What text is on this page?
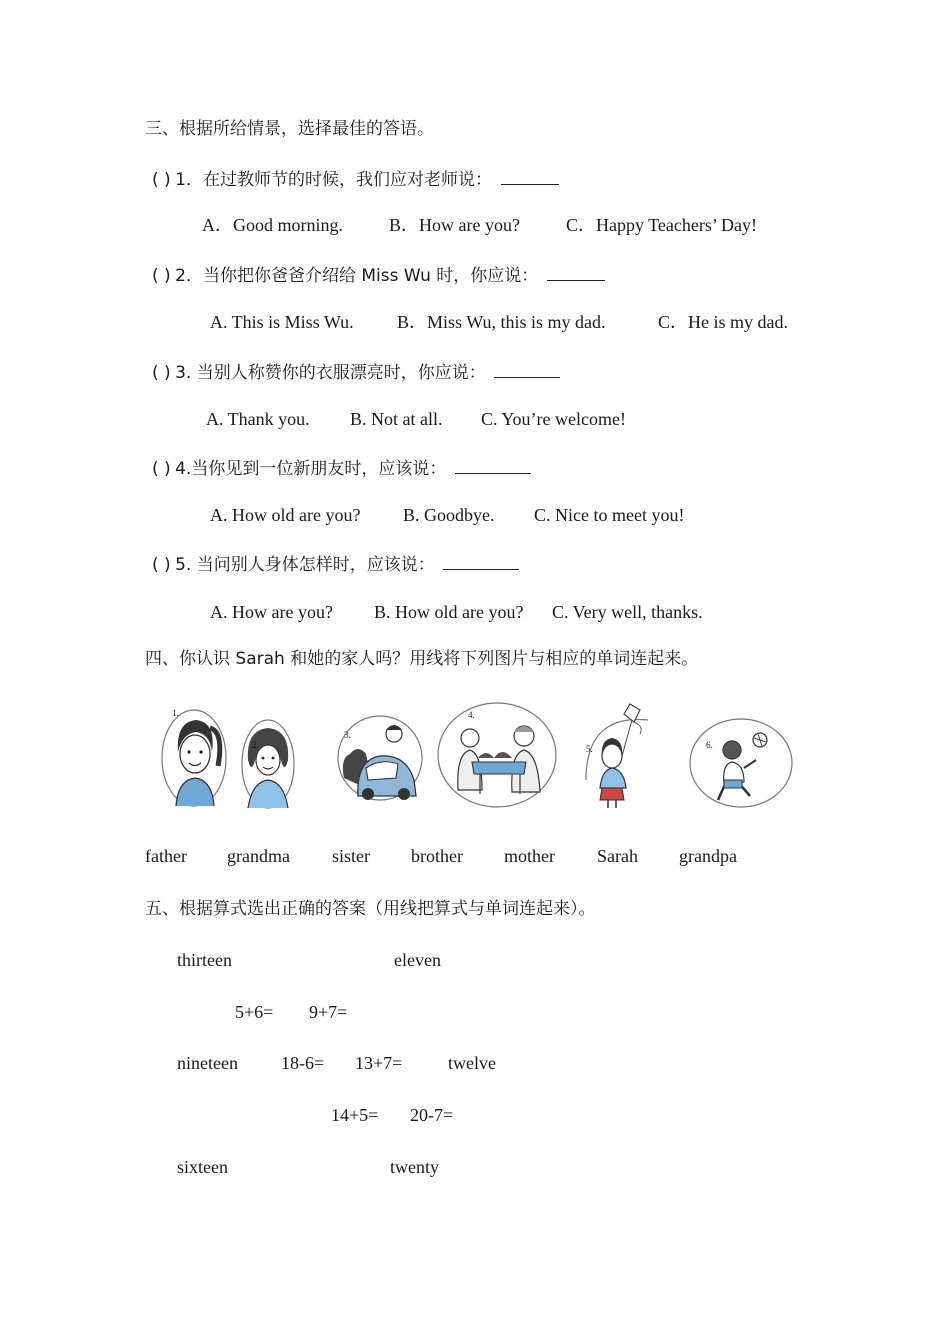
三、根据所给情景，选择最佳的答语。
( ) 1．在过教师节的时候，我们应对老师说：
A．Good morning.	B．How are you?	C．Happy Teachers’ Day!
( ) 2．当你把你爸爸介绍给 Miss Wu 时，你应说：
A. This is Miss Wu. B．Miss Wu, this is my dad.	C．He is my dad.
( ) 3. 当别人称赞你的衣服漂亮时，你应说：
A. Thank you. B. Not at all. C. You’re welcome!
( ) 4.当你见到一位新朋友时，应该说：
A. How old are you? B. Goodbye. C. Nice to meet you!
( ) 5. 当问别人身体怎样时，应该说：
A. How are you? B. How old are you? C. Very well, thanks.
四、你认识 Sarah 和她的家人吗？用线将下列图片与相应的单词连起来。
1.
2.
3.
4.
5.	6.
father grandma sister brother mother Sarah grandpa
五、根据算式选出正确的答案（用线把算式与单词连起来）。
thirteen	eleven
5+6= 9+7=
nineteen 18-6= 13+7=	twelve
14+5= 20-7=
sixteen	twenty
